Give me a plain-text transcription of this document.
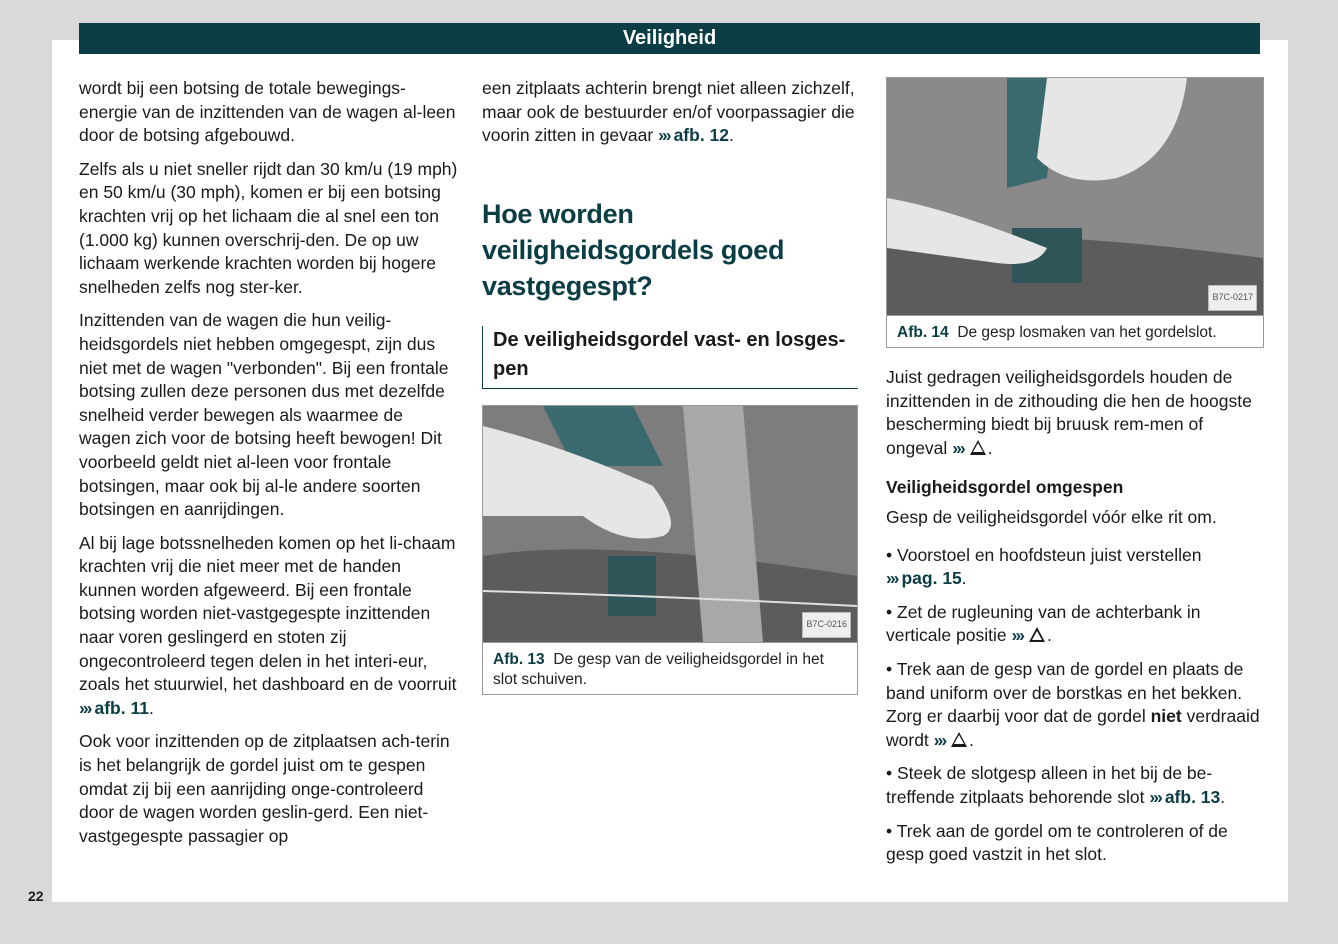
Veiligheid

wordt bij een botsing de totale bewegings-energie van de inzittenden van de wagen al-leen door de botsing afgebouwd.

Zelfs als u niet sneller rijdt dan 30 km/u (19 mph) en 50 km/u (30 mph), komen er bij een botsing krachten vrij op het lichaam die al snel een ton (1.000 kg) kunnen overschrij-den. De op uw lichaam werkende krachten worden bij hogere snelheden zelfs nog ster-ker.

Inzittenden van de wagen die hun veilig-heidsgordels niet hebben omgegespt, zijn dus niet met de wagen "verbonden". Bij een frontale botsing zullen deze personen dus met dezelfde snelheid verder bewegen als waarmee de wagen zich voor de botsing heeft bewogen! Dit voorbeeld geldt niet al-leen voor frontale botsingen, maar ook bij al-le andere soorten botsingen en aanrijdingen.

Al bij lage botssnelheden komen op het li-chaam krachten vrij die niet meer met de handen kunnen worden afgeweerd. Bij een frontale botsing worden niet-vastgegespte inzittenden naar voren geslingerd en stoten zij ongecontroleerd tegen delen in het interi-eur, zoals het stuurwiel, het dashboard en de voorruit ››› afb. 11.

Ook voor inzittenden op de zitplaatsen ach-terin is het belangrijk de gordel juist om te gespen omdat zij bij een aanrijding onge-controleerd door de wagen worden geslin-gerd. Een niet-vastgegespte passagier op

een zitplaats achterin brengt niet alleen zichzelf, maar ook de bestuurder en/of voorpassagier die voorin zitten in gevaar ››› afb. 12.

Hoe worden veiligheidsgordels goed vastgegespt?
De veiligheidsgordel vast- en losges-pen
B7C-0216
Afb. 13 De gesp van de veiligheidsgordel in het slot schuiven.
B7C-0217
Afb. 14 De gesp losmaken van het gordelslot.

Juist gedragen veiligheidsgordels houden de inzittenden in de zithouding die hen de hoogste bescherming biedt bij bruusk rem-men of ongeval ››› .

Veiligheidsgordel omgespen

Gesp de veiligheidsgordel vóór elke rit om.

• Voorstoel en hoofdsteun juist verstellen
››› pag. 15.

• Zet de rugleuning van de achterbank in verticale positie ››› .

• Trek aan de gesp van de gordel en plaats de band uniform over de borstkas en het bekken. Zorg er daarbij voor dat de gordel niet verdraaid wordt ››› .

• Steek de slotgesp alleen in het bij de be-treffende zitplaats behorende slot ››› afb. 13.

• Trek aan de gordel om te controleren of de gesp goed vastzit in het slot.

22
